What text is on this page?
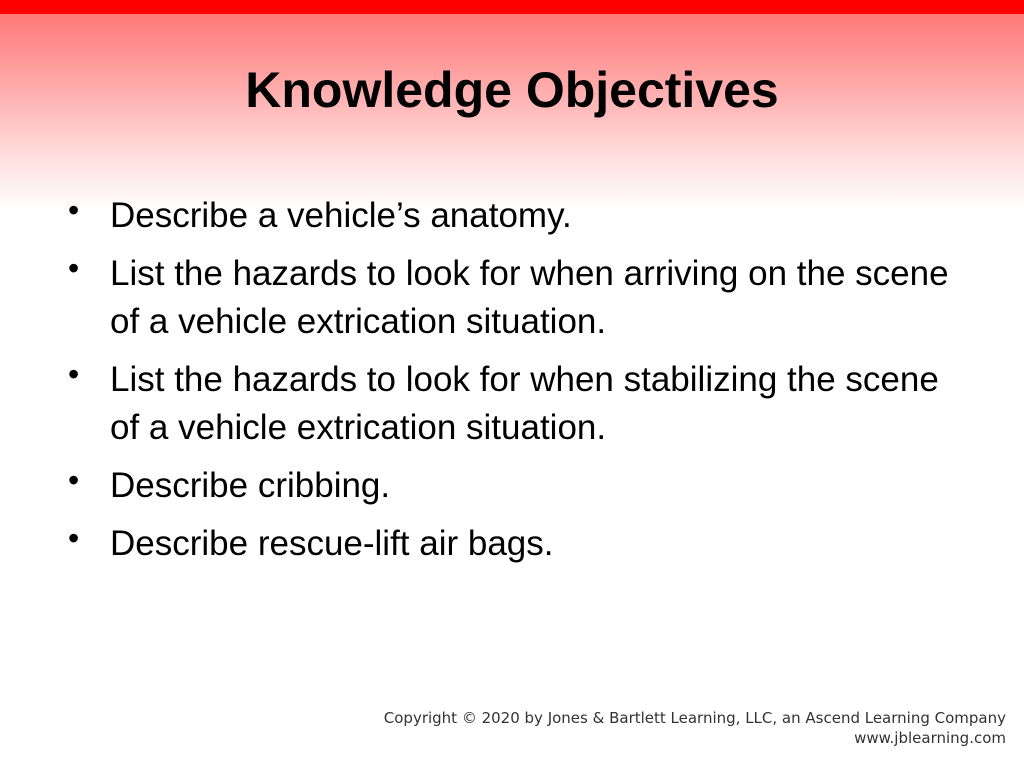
Knowledge Objectives
• Describe a vehicle’s anatomy.
• List the hazards to look for when arriving on the scene of a vehicle extrication situation.
• List the hazards to look for when stabilizing the scene of a vehicle extrication situation.
• Describe cribbing.
• Describe rescue-lift air bags.
Copyright © 2020 by Jones & Bartlett Learning, LLC, an Ascend Learning Company
www.jblearning.com
